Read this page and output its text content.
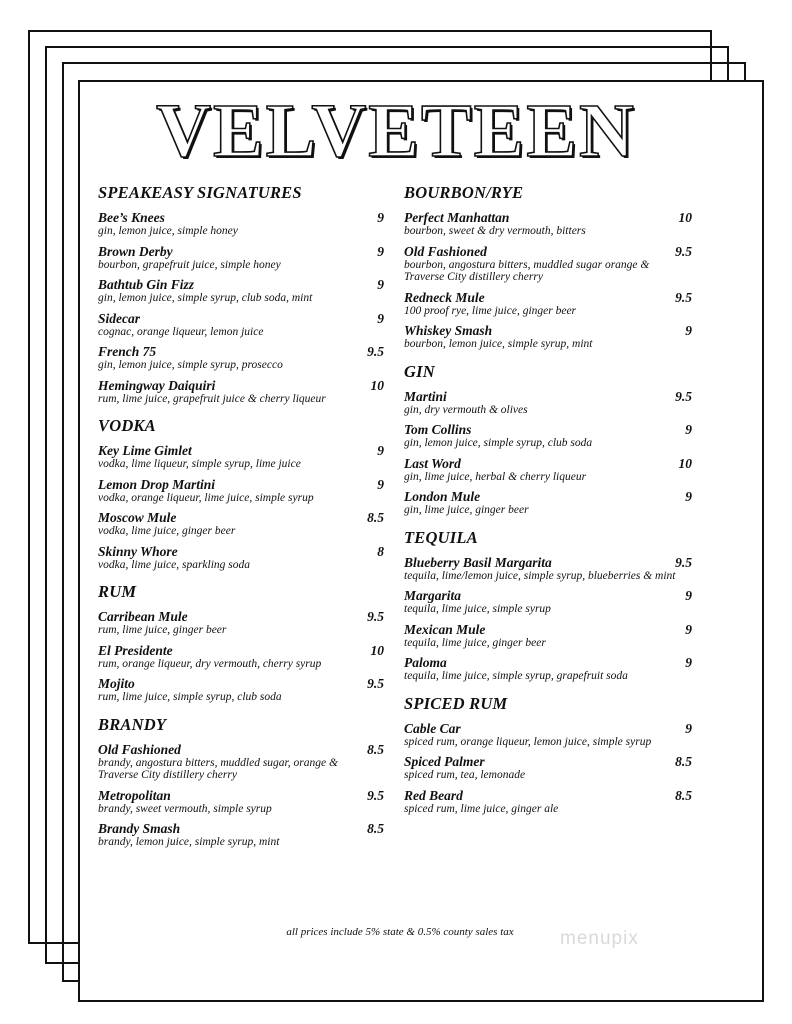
VELVETEEN
SPEAKEASY SIGNATURES
Bee’s Knees	9
gin, lemon juice, simple honey
Brown Derby	9
bourbon, grapefruit juice, simple honey
Bathtub Gin Fizz	9
gin, lemon juice, simple syrup, club soda, mint
Sidecar	9
cognac, orange liqueur, lemon juice
French 75	9.5
gin, lemon juice, simple syrup, prosecco
Hemingway Daiquiri	10
rum, lime juice, grapefruit juice & cherry liqueur
VODKA
Key Lime Gimlet	9
vodka, lime liqueur, simple syrup, lime juice
Lemon Drop Martini	9
vodka, orange liqueur, lime juice, simple syrup
Moscow Mule	8.5
vodka, lime juice, ginger beer
Skinny Whore	8
vodka, lime juice, sparkling soda
RUM
Carribean Mule	9.5
rum, lime juice, ginger beer
El Presidente	10
rum, orange liqueur, dry vermouth, cherry syrup
Mojito	9.5
rum, lime juice, simple syrup, club soda
BRANDY
Old Fashioned	8.5
brandy, angostura bitters, muddled sugar, orange & Traverse City distillery cherry
Metropolitan	9.5
brandy, sweet vermouth, simple syrup
Brandy Smash	8.5
brandy, lemon juice, simple syrup, mint
BOURBON/RYE
Perfect Manhattan	10
bourbon, sweet & dry vermouth, bitters
Old Fashioned	9.5
bourbon, angostura bitters, muddled sugar orange & Traverse City distillery cherry
Redneck Mule	9.5
100 proof rye, lime juice, ginger beer
Whiskey Smash	9
bourbon, lemon juice, simple syrup, mint
GIN
Martini	9.5
gin, dry vermouth & olives
Tom Collins	9
gin, lemon juice, simple syrup, club soda
Last Word	10
gin, lime juice, herbal & cherry liqueur
London Mule	9
gin, lime juice, ginger beer
TEQUILA
Blueberry Basil Margarita	9.5
tequila, lime/lemon juice, simple syrup, blueberries & mint
Margarita	9
tequila, lime juice, simple syrup
Mexican Mule	9
tequila, lime juice, ginger beer
Paloma	9
tequila, lime juice, simple syrup, grapefruit soda
SPICED RUM
Cable Car	9
spiced rum, orange liqueur, lemon juice, simple syrup
Spiced Palmer	8.5
spiced rum, tea, lemonade
Red Beard	8.5
spiced rum, lime juice, ginger ale
all prices include 5% state & 0.5% county sales tax	menupix
